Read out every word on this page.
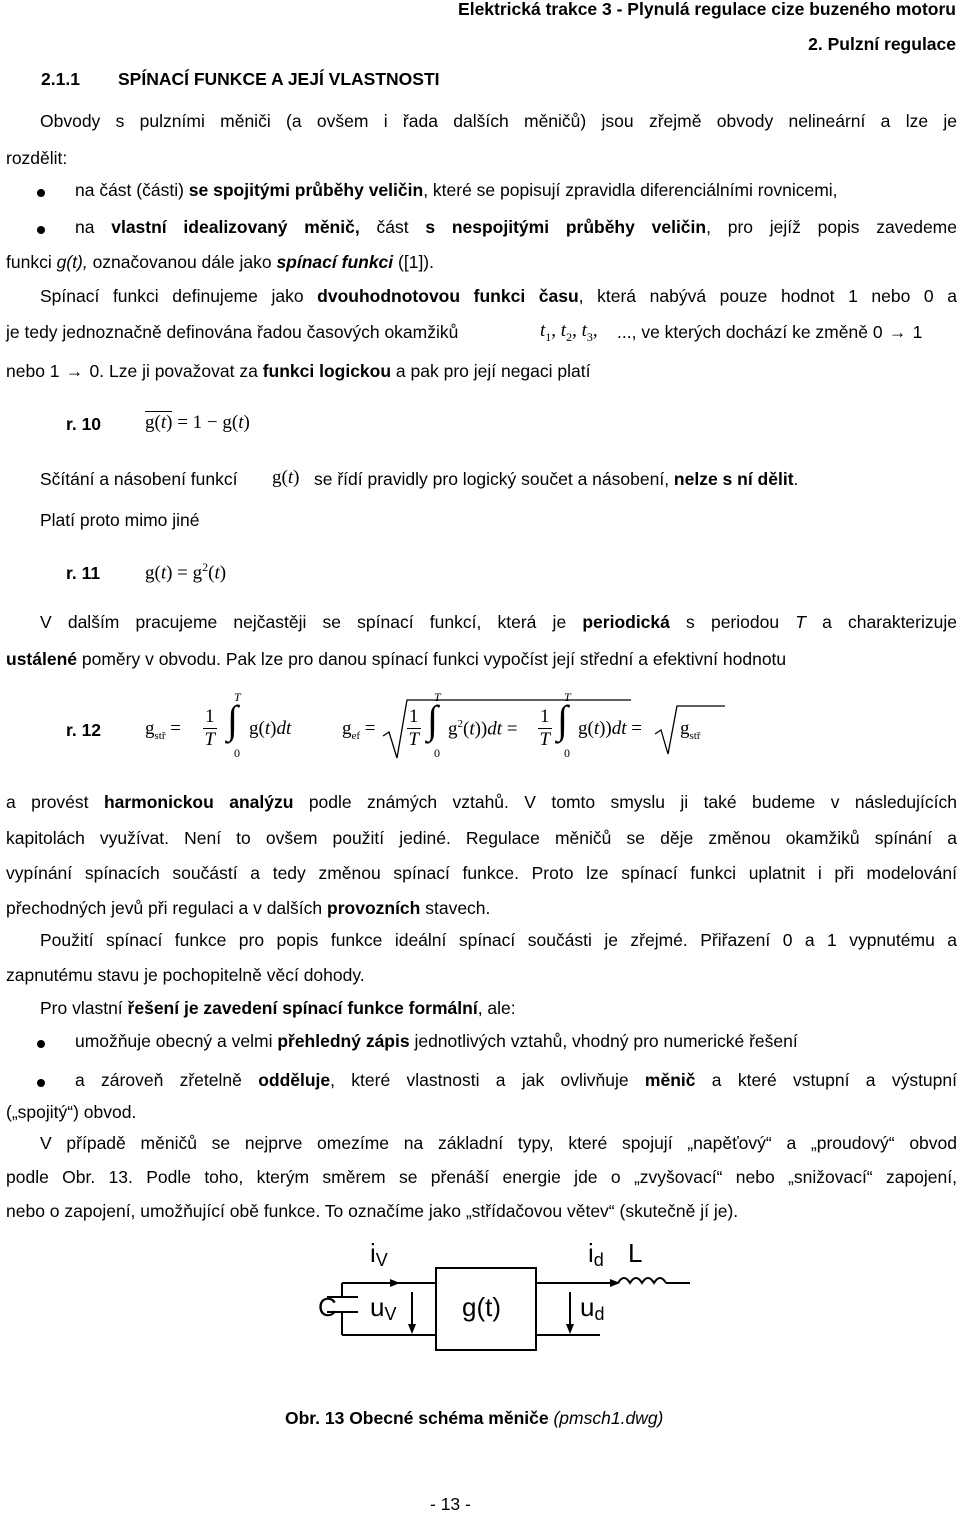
Elektrická trakce 3 - Plynulá regulace cize buzeného motoru
2. Pulzní regulace
2.1.1 SPÍNACÍ FUNKCE A JEJÍ VLASTNOSTI
Obvody s pulzními měniči (a ovšem i řada dalších měničů) jsou zřejmě obvody nelineární a lze je
rozdělit:
na část (části) se spojitými průběhy veličin, které se popisují zpravidla diferenciálními rovnicemi,
na vlastní idealizovaný měnič, část s nespojitými průběhy veličin, pro jejíž popis zavedeme
funkci g(t), označovanou dále jako spínací funkci ([1]).
Spínací funkci definujeme jako dvouhodnotovou funkci času, která nabývá pouze hodnot 1 nebo 0 a
je tedy jednoznačně definována řadou časových okamžiků	$t_1$, $t_2$, $t_3$, ..., ve kterých dochází ke změně 0 → 1
nebo 1 → 0. Lze ji považovat za funkci logickou a pak pro její negaci platí
r. 10 g(t) = 1 − g(t)
Sčítání a násobení funkcí g(t) se řídí pravidly pro logický součet a násobení, nelze s ní dělit.
Platí proto mimo jiné
r. 11 $g(t) = g^2(t)$
V dalším pracujeme nejčastěji se spínací funkcí, která je periodická s periodou T a charakterizuje
ustálené poměry v obvodu. Pak lze pro danou spínací funkci vypočíst její střední a efektivní hodnotu
r. 12 $g_{stř} = \frac{1}{T}$
T
∫
0
g(t)dt	$g_{ef} = \frac{1}{T}$
T
∫
0
$g^2(t))dt = \frac{1}{T}$
T
∫
0
$g(t))dt = g_{stř}$
a provést harmonickou analýzu podle známých vztahů. V tomto smyslu ji také budeme v následujících
kapitolách využívat. Není to ovšem použití jediné. Regulace měničů se děje změnou okamžiků spínání a
vypínání spínacích součástí a tedy změnou spínací funkce. Proto lze spínací funkci uplatnit i při modelování
přechodných jevů při regulaci a v dalších provozních stavech.
Použití spínací funkce pro popis funkce ideální spínací součásti je zřejmé. Přiřazení 0 a 1 vypnutému a
zapnutému stavu je pochopitelně věcí dohody.
Pro vlastní řešení je zavedení spínací funkce formální, ale:
umožňuje obecný a velmi přehledný zápis jednotlivých vztahů, vhodný pro numerické řešení
a zároveň zřetelně odděluje, které vlastnosti a jak ovlivňuje měnič a které vstupní a výstupní
(„spojitý“) obvod.
V případě měničů se nejprve omezíme na základní typy, které spojují „napěťový“ a „proudový“ obvod
podle Obr. 13. Podle toho, kterým směrem se přenáší energie jde o „zvyšovací“ nebo „snižovací“ zapojení,
nebo o zapojení, umožňující obě funkce. To označíme jako „střídačovou větev“ (skutečně jí je).
iV	id L
C uV	ud
g(t)
Obr. 13 Obecné schéma měniče (pmsch1.dwg)
- 13 -
